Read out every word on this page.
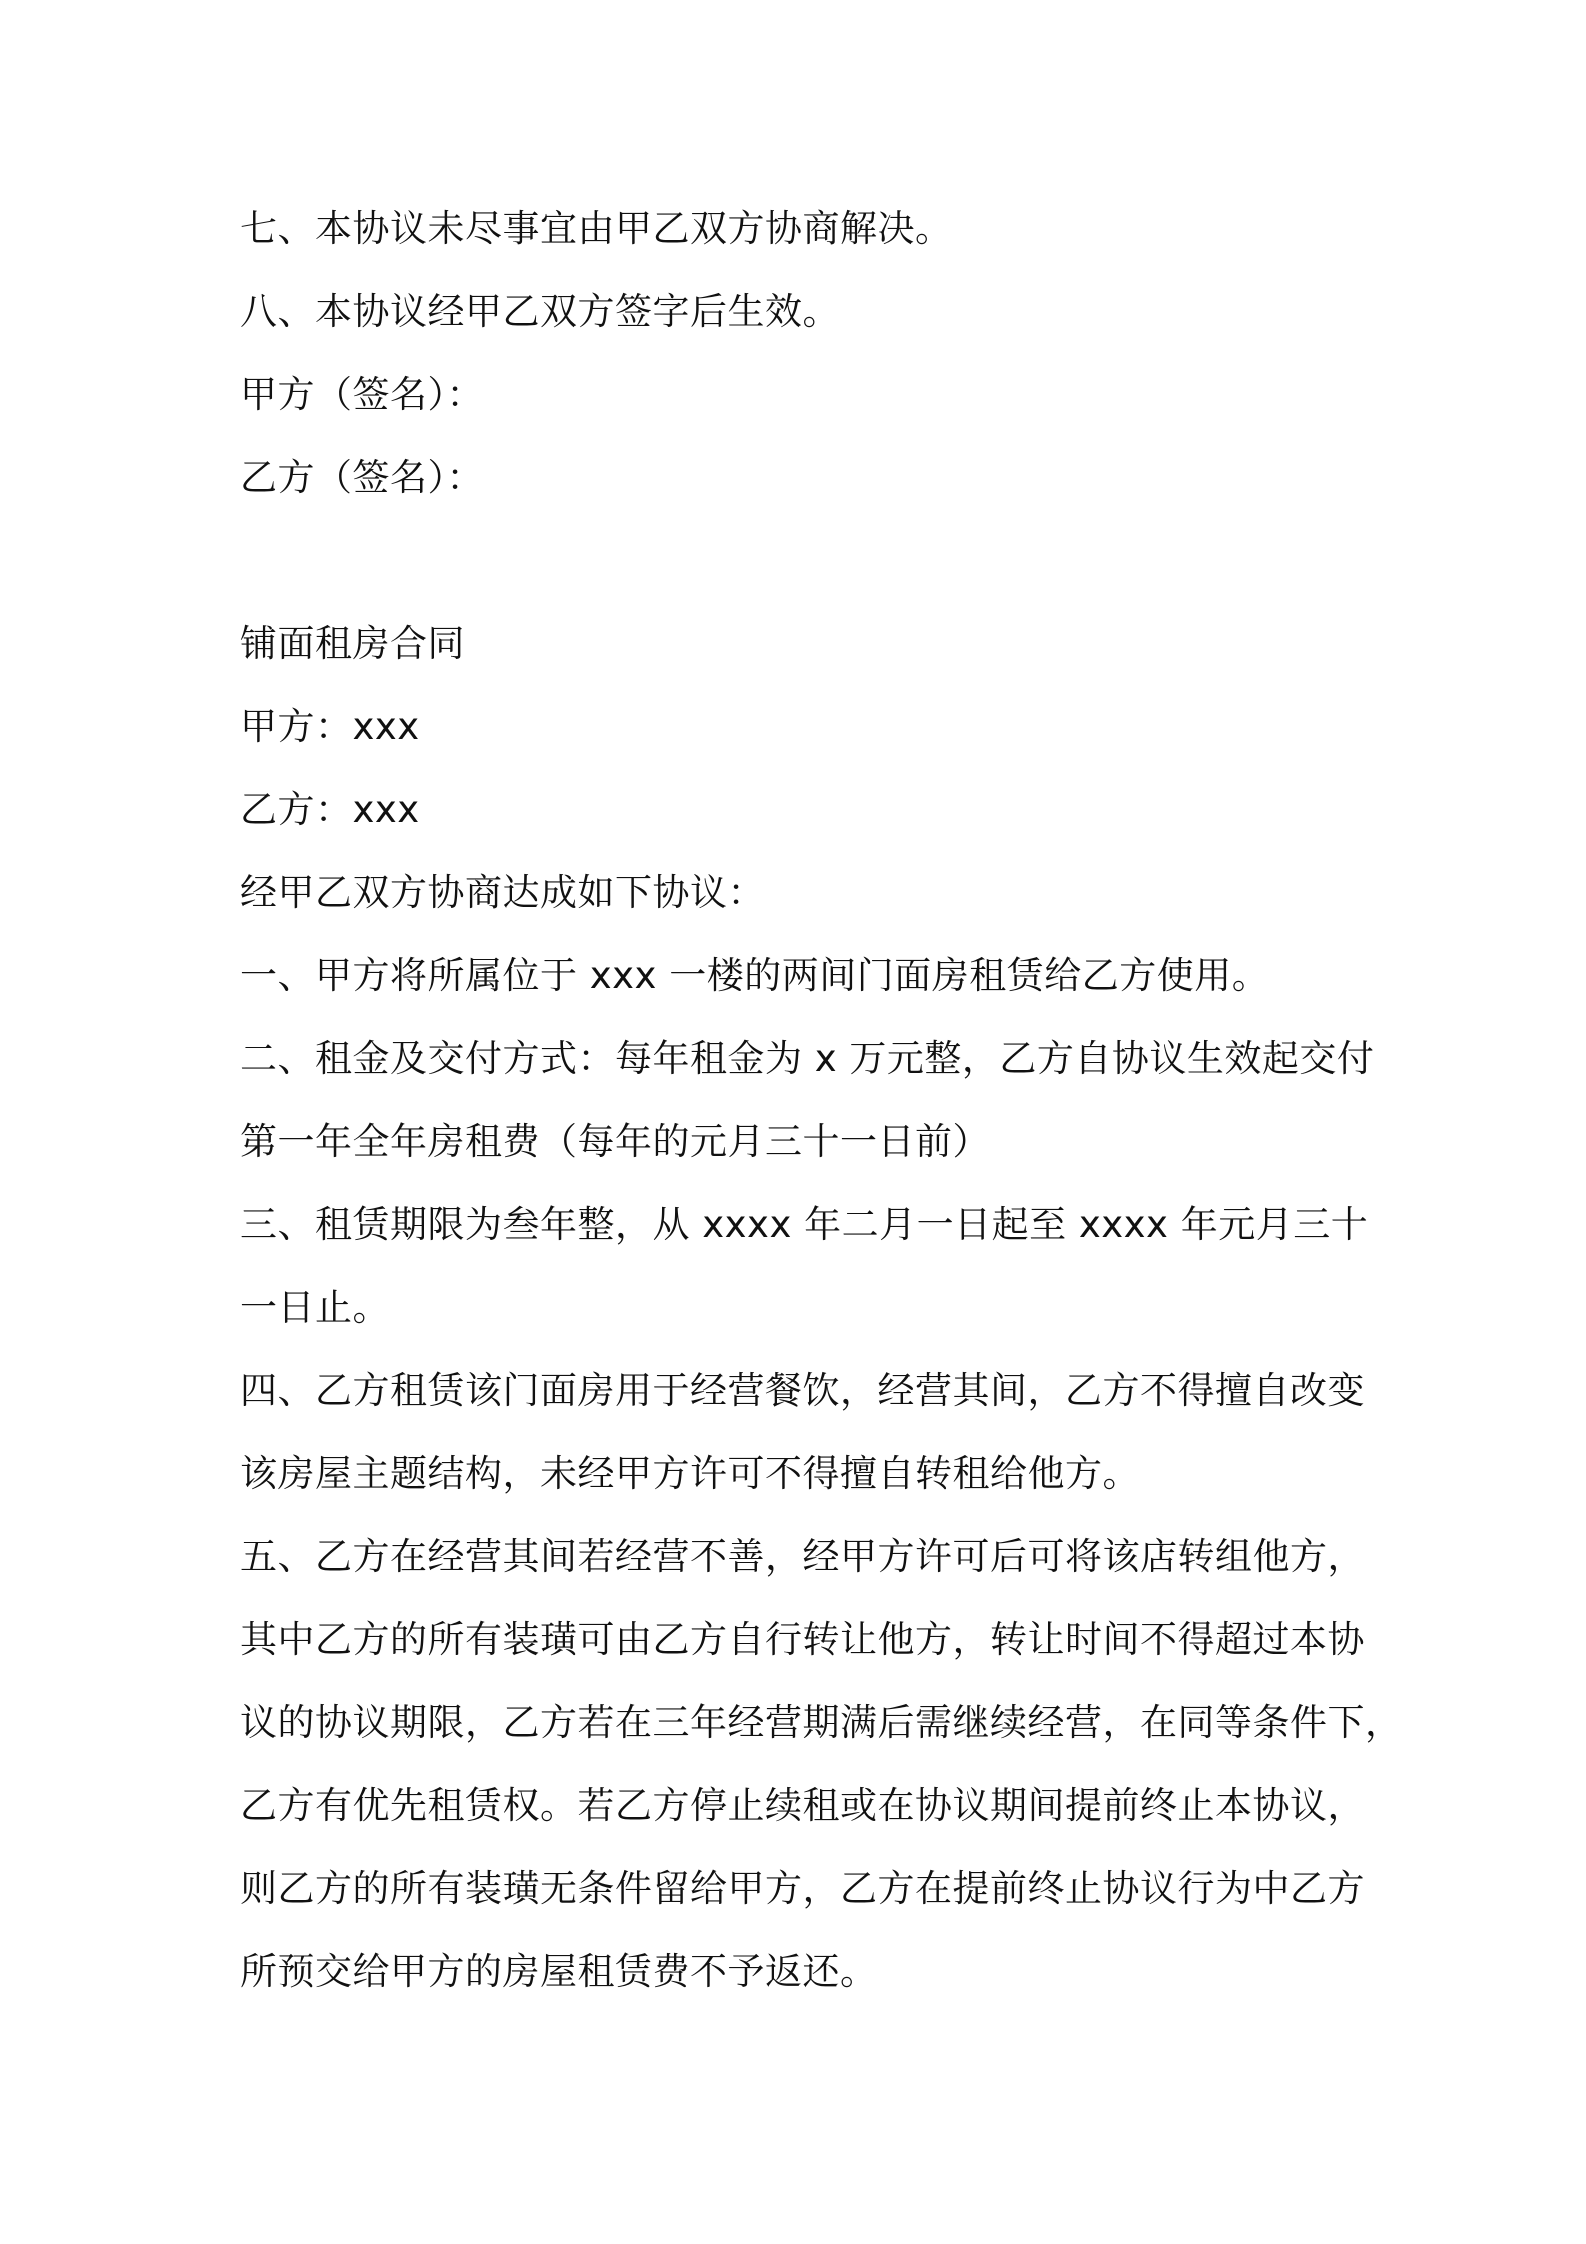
七、本协议未尽事宜由甲乙双方协商解决。
八、本协议经甲乙双方签字后生效。
甲方（签名）：
乙方（签名）：
铺面租房合同
甲方：xxx
乙方：xxx
经甲乙双方协商达成如下协议：
一、甲方将所属位于 xxx 一楼的两间门面房租赁给乙方使用。
二、租金及交付方式：每年租金为 x 万元整，乙方自协议生效起交付
第一年全年房租费（每年的元月三十一日前）
三、租赁期限为叁年整，从 xxxx 年二月一日起至 xxxx 年元月三十
一日止。
四、乙方租赁该门面房用于经营餐饮，经营其间，乙方不得擅自改变
该房屋主题结构，未经甲方许可不得擅自转租给他方。
五、乙方在经营其间若经营不善，经甲方许可后可将该店转组他方，
其中乙方的所有装璜可由乙方自行转让他方，转让时间不得超过本协
议的协议期限，乙方若在三年经营期满后需继续经营，在同等条件下，
乙方有优先租赁权。若乙方停止续租或在协议期间提前终止本协议，
则乙方的所有装璜无条件留给甲方，乙方在提前终止协议行为中乙方
所预交给甲方的房屋租赁费不予返还。
